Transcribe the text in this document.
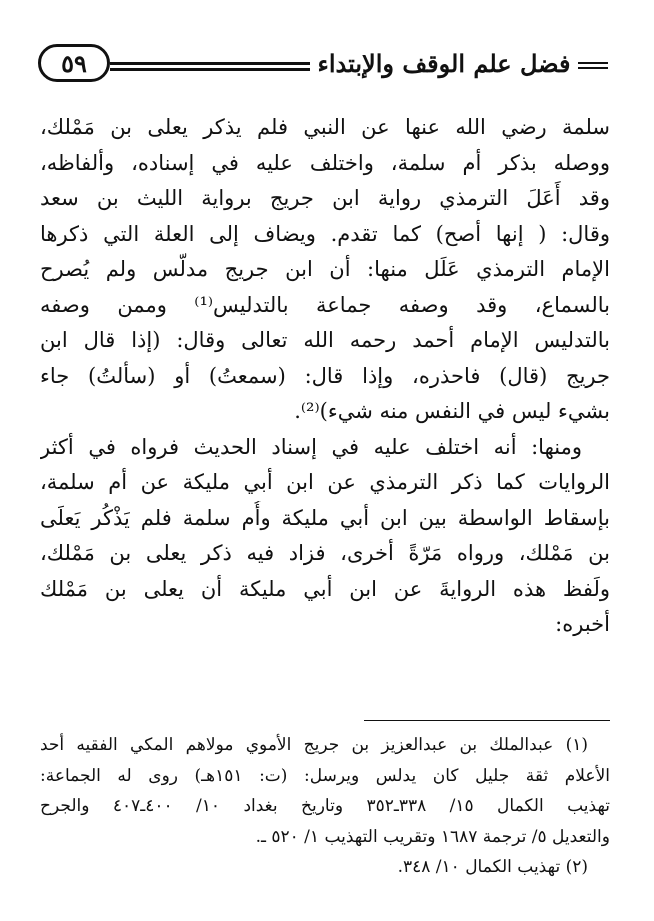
٥٩	فضل علم الوقف والإبتداء
سلمة رضي الله عنها عن النبي فلم يذكر يعلى بن مَمْلك،
ووصله بذكر أم سلمة، واختلف عليه في إسناده، وألفاظه،
وقد أَعَلَ الترمذي رواية ابن جريج برواية الليث بن سعد
وقال: ( إنها أصح) كما تقدم. ويضاف إلى العلة التي ذكرها
الإمام الترمذي عَلَل منها: أن ابن جريج مدلّس ولم يُصرح
بالسماع، وقد وصفه جماعة بالتدليس⁽¹⁾ وممن وصفه
بالتدليس الإمام أحمد رحمه الله تعالى وقال: (إذا قال ابن
جريج (قال) فاحذره، وإذا قال: (سمعتُ) أو (سألتُ) جاء
بشيء ليس في النفس منه شيء)⁽²⁾.
ومنها: أنه اختلف عليه في إسناد الحديث فرواه في أكثر
الروايات كما ذكر الترمذي عن ابن أبي مليكة عن أم سلمة،
بإسقاط الواسطة بين ابن أبي مليكة وأُم سلمة فلم يَذْكُر يَعلَى
بن مَمْلك، ورواه مَرّةً أخرى، فزاد فيه ذكر يعلى بن مَمْلك،
ولَفظ هذه الروايةَ عن ابن أبي مليكة أن يعلى بن مَمْلك
أخبره:
(١) عبدالملك بن عبدالعزيز بن جريج الأموي مولاهم المكي الفقيه أحد
الأعلام ثقة جليل كان يدلس ويرسل: (ت: ١٥١هـ) روى له الجماعة:
تهذيب الكمال ١٥/ ٣٣٨ـ٣٥٢ وتاريخ بغداد ١٠/ ٤٠٠ـ٤٠٧ والجرح
والتعديل ٥/ ترجمة ١٦٨٧ وتقريب التهذيب ١/ ٥٢٠ ـ.
(٢) تهذيب الكمال ١٠/ ٣٤٨.
